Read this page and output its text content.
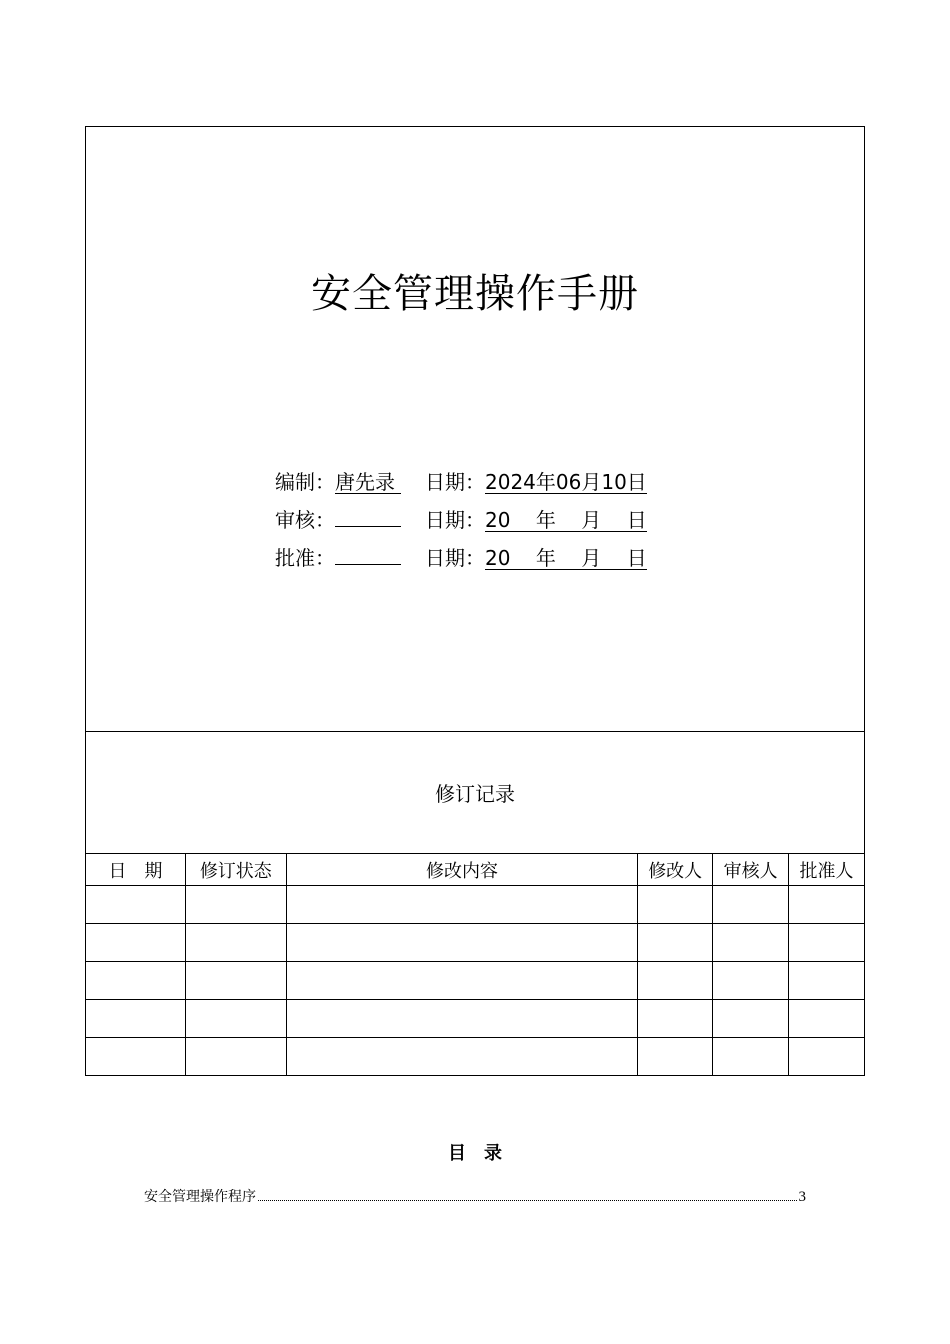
安全管理操作手册
编制：唐先录 日期：2024年06月10日
审核：	日期：20    年    月    日
批准：	日期：20    年    月    日
修订记录
日　期	修订状态	修改内容	修改人	审核人	批准人

目录
安全管理操作程序	3
